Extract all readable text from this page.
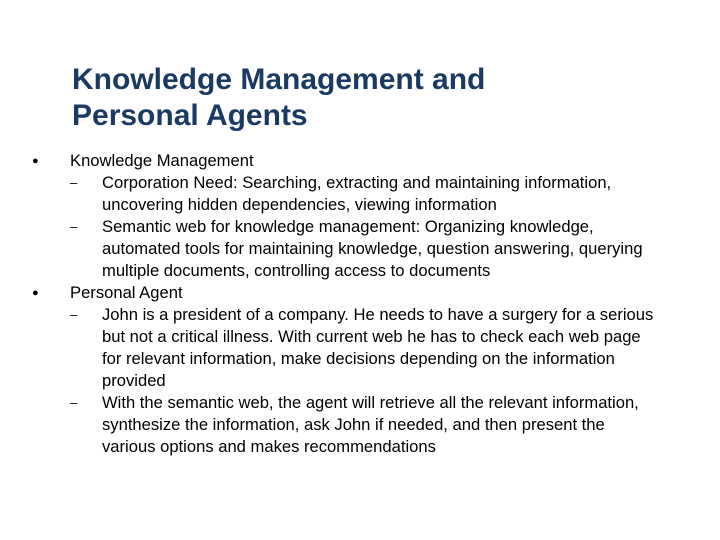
Knowledge Management and
Personal Agents
● Knowledge Management
– Corporation Need: Searching, extracting and maintaining information, uncovering hidden dependencies, viewing information
– Semantic web for knowledge management: Organizing knowledge, automated tools for maintaining knowledge, question answering, querying multiple documents, controlling access to documents
● Personal Agent
– John is a president of a company. He needs to have a surgery for a serious but not a critical illness. With current web he has to check each web page for relevant information, make decisions depending on the information provided
– With the semantic web, the agent will retrieve all the relevant information, synthesize the information, ask John if needed, and then present the various options and makes recommendations
